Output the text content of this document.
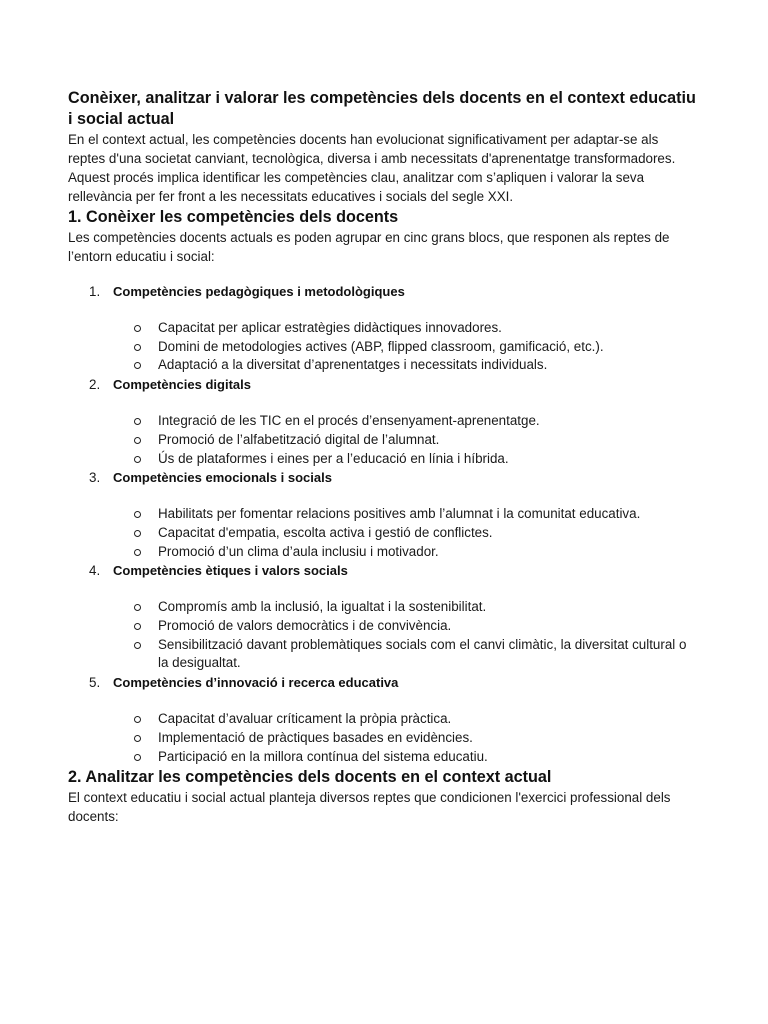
Conèixer, analitzar i valorar les competències dels docents en el context educatiu i social actual

En el context actual, les competències docents han evolucionat significativament per adaptar-se als reptes d'una societat canviant, tecnològica, diversa i amb necessitats d'aprenentatge transformadores. Aquest procés implica identificar les competències clau, analitzar com s’apliquen i valorar la seva rellevància per fer front a les necessitats educatives i socials del segle XXI.

1. Conèixer les competències dels docents

Les competències docents actuals es poden agrupar en cinc grans blocs, que responen als reptes de l’entorn educatiu i social:

1. Competències pedagògiques i metodològiques
Capacitat per aplicar estratègies didàctiques innovadores.
Domini de metodologies actives (ABP, flipped classroom, gamificació, etc.).
Adaptació a la diversitat d’aprenentatges i necessitats individuals.
2. Competències digitals
Integració de les TIC en el procés d’ensenyament-aprenentatge.
Promoció de l’alfabetització digital de l’alumnat.
Ús de plataformes i eines per a l’educació en línia i híbrida.
3. Competències emocionals i socials
Habilitats per fomentar relacions positives amb l’alumnat i la comunitat educativa.
Capacitat d'empatia, escolta activa i gestió de conflictes.
Promoció d’un clima d’aula inclusiu i motivador.
4. Competències ètiques i valors socials
Compromís amb la inclusió, la igualtat i la sostenibilitat.
Promoció de valors democràtics i de convivència.
Sensibilització davant problemàtiques socials com el canvi climàtic, la diversitat cultural o la desigualtat.
5. Competències d’innovació i recerca educativa
Capacitat d’avaluar críticament la pròpia pràctica.
Implementació de pràctiques basades en evidències.
Participació en la millora contínua del sistema educatiu.
2. Analitzar les competències dels docents en el context actual

El context educatiu i social actual planteja diversos reptes que condicionen l'exercici professional dels docents:
